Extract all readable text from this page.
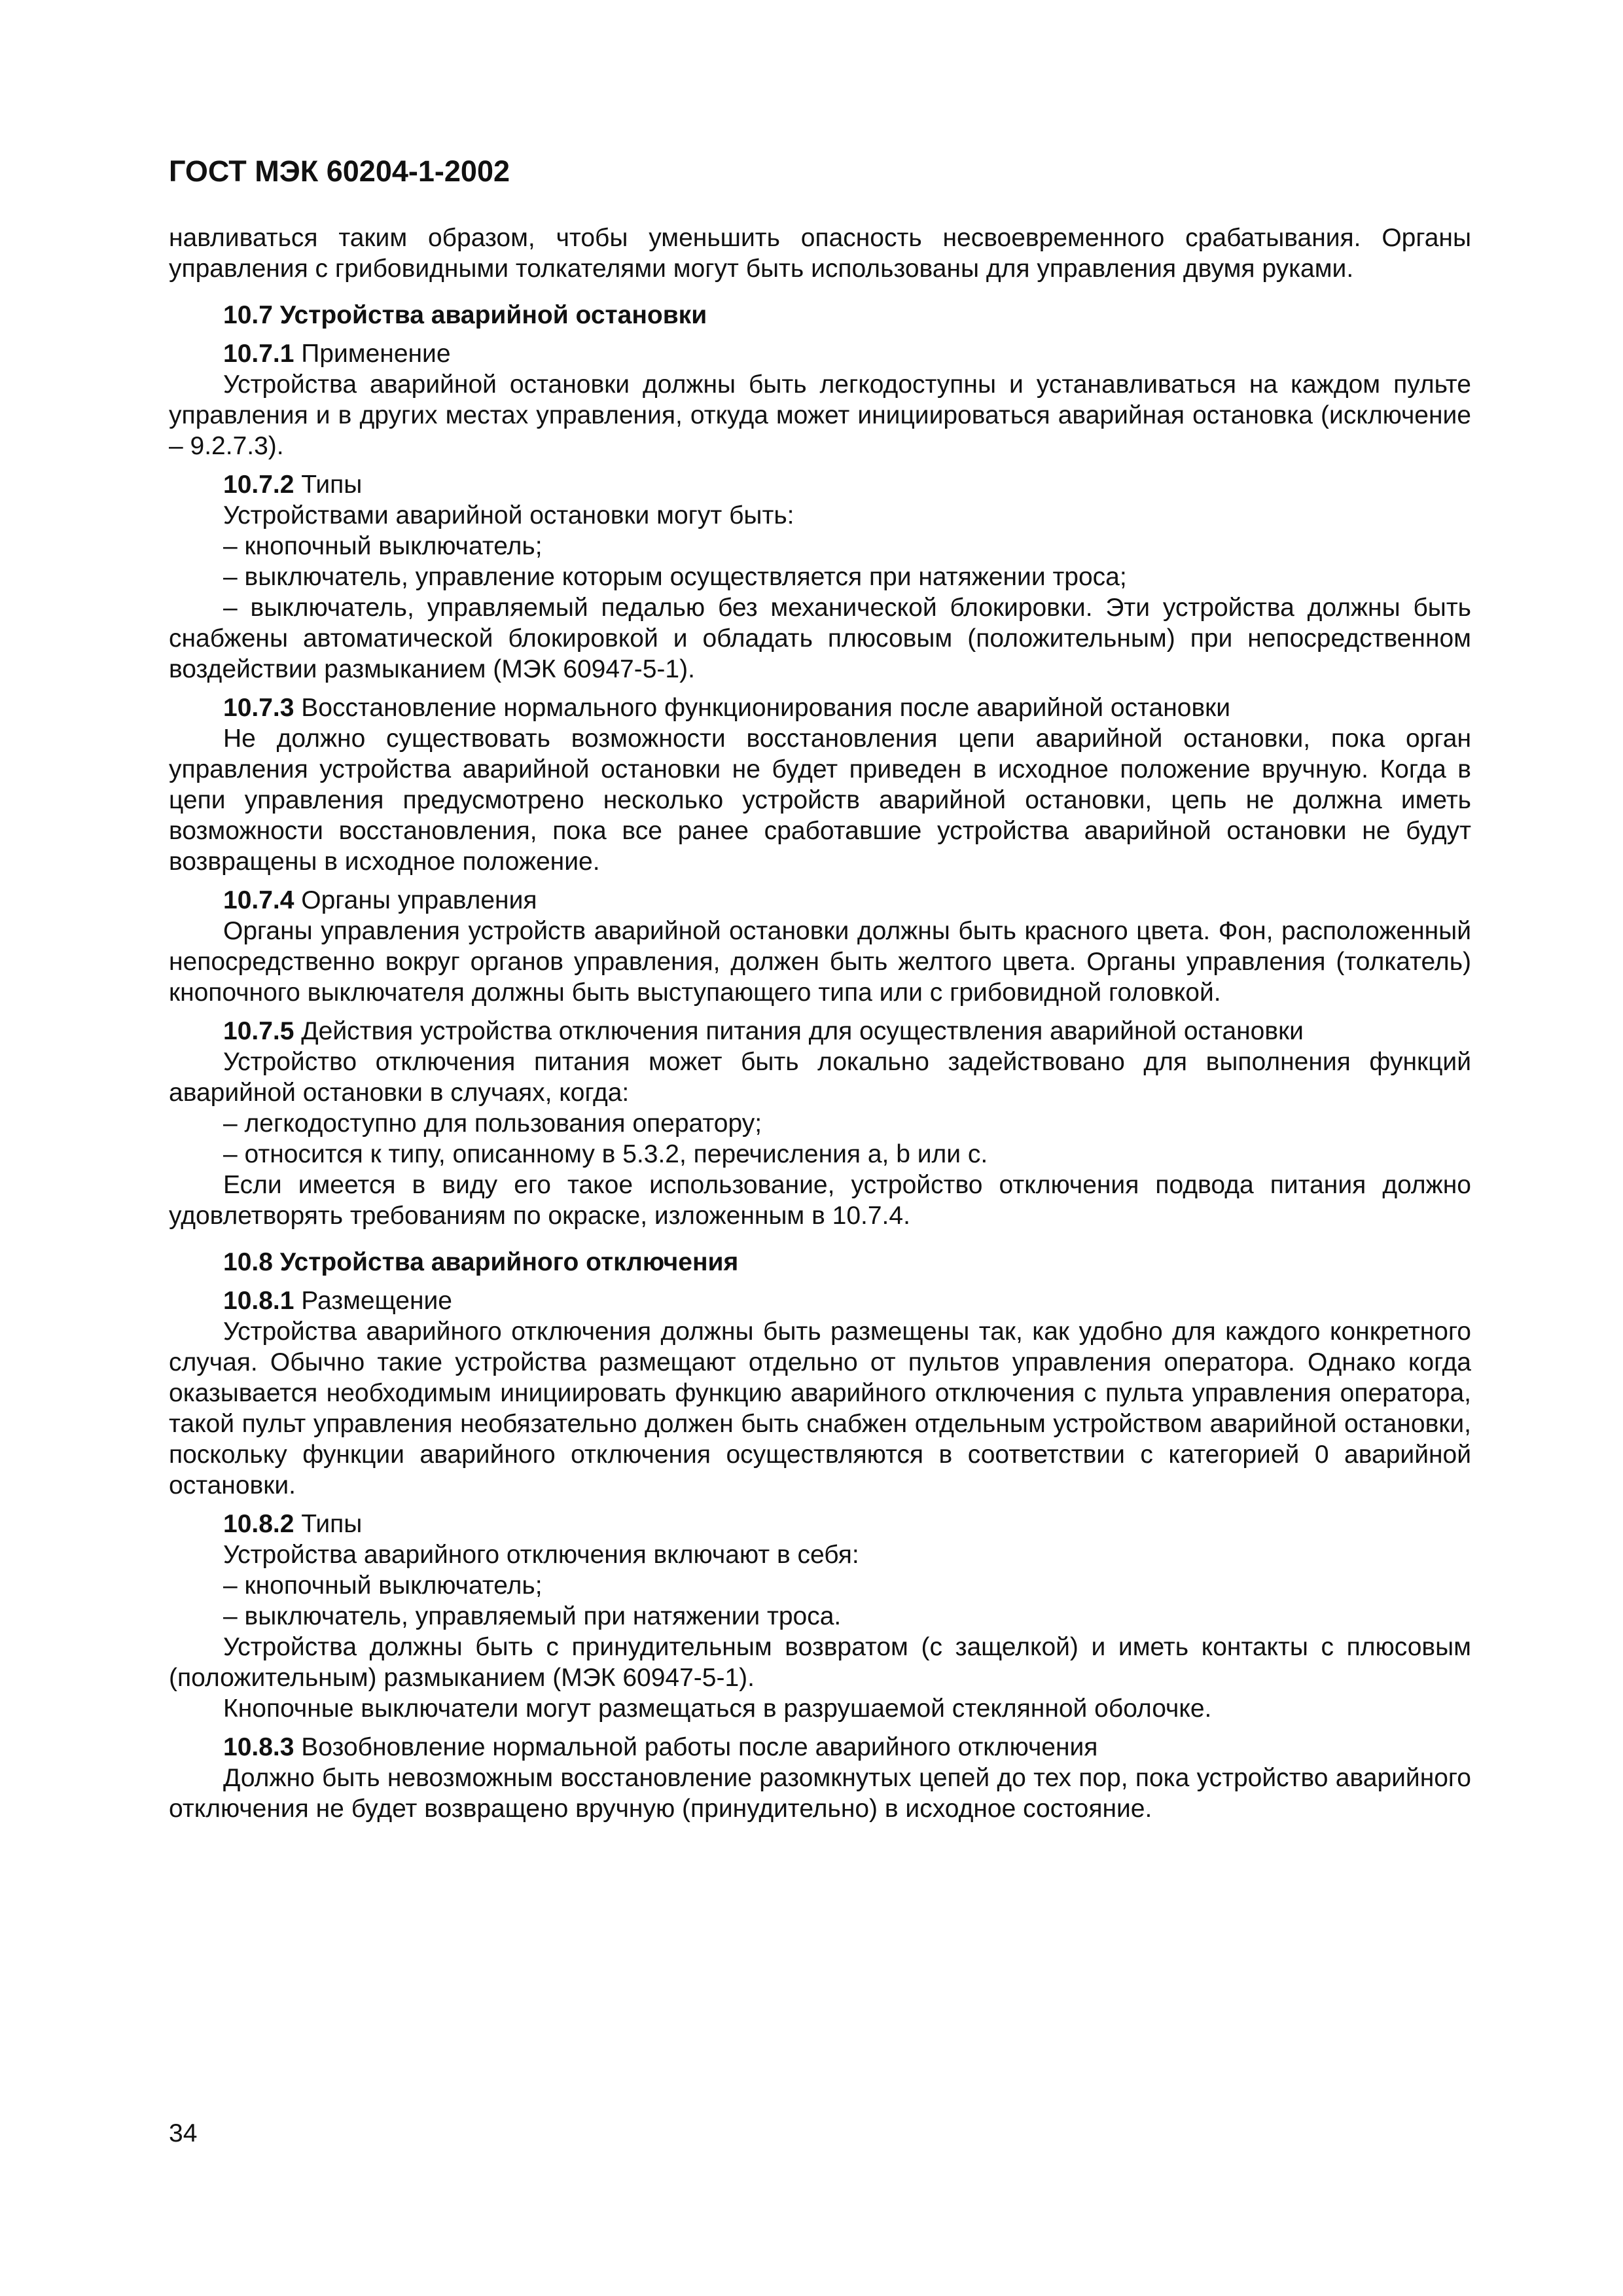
ГОСТ МЭК 60204-1-2002

навливаться таким образом, чтобы уменьшить опасность несвоевременного срабатывания. Органы управления с грибовидными толкателями могут быть использованы для управления двумя руками.

10.7 Устройства аварийной остановки

10.7.1 Применение

Устройства аварийной остановки должны быть легкодоступны и устанавливаться на каждом пульте управления и в других местах управления, откуда может инициироваться аварийная остановка (исключение – 9.2.7.3).

10.7.2 Типы

Устройствами аварийной остановки могут быть:

– кнопочный выключатель;

– выключатель, управление которым осуществляется при натяжении троса;

– выключатель, управляемый педалью без механической блокировки. Эти устройства должны быть снабжены автоматической блокировкой и обладать плюсовым (положительным) при непосредственном воздействии размыканием (МЭК 60947-5-1).

10.7.3 Восстановление нормального функционирования после аварийной остановки

Не должно существовать возможности восстановления цепи аварийной остановки, пока орган управления устройства аварийной остановки не будет приведен в исходное положение вручную. Когда в цепи управления предусмотрено несколько устройств аварийной остановки, цепь не должна иметь возможности восстановления, пока все ранее сработавшие устройства аварийной остановки не будут возвращены в исходное положение.

10.7.4 Органы управления

Органы управления устройств аварийной остановки должны быть красного цвета. Фон, расположенный непосредственно вокруг органов управления, должен быть желтого цвета. Органы управления (толкатель) кнопочного выключателя должны быть выступающего типа или с грибовидной головкой.

10.7.5 Действия устройства отключения питания для осуществления аварийной остановки

Устройство отключения питания может быть локально задействовано для выполнения функций аварийной остановки в случаях, когда:

– легкодоступно для пользования оператору;

– относится к типу, описанному в 5.3.2, перечисления a, b или c.

Если имеется в виду его такое использование, устройство отключения подвода питания должно удовлетворять требованиям по окраске, изложенным в 10.7.4.

10.8 Устройства аварийного отключения

10.8.1 Размещение

Устройства аварийного отключения должны быть размещены так, как удобно для каждого конкретного случая. Обычно такие устройства размещают отдельно от пультов управления оператора. Однако когда оказывается необходимым инициировать функцию аварийного отключения с пульта управления оператора, такой пульт управления необязательно должен быть снабжен отдельным устройством аварийной остановки, поскольку функции аварийного отключения осуществляются в соответствии с категорией 0 аварийной остановки.

10.8.2 Типы

Устройства аварийного отключения включают в себя:

– кнопочный выключатель;

– выключатель, управляемый при натяжении троса.

Устройства должны быть с принудительным возвратом (с защелкой) и иметь контакты с плюсовым (положительным) размыканием (МЭК 60947-5-1).

Кнопочные выключатели могут размещаться в разрушаемой стеклянной оболочке.

10.8.3 Возобновление нормальной работы после аварийного отключения

Должно быть невозможным восстановление разомкнутых цепей до тех пор, пока устройство аварийного отключения не будет возвращено вручную (принудительно) в исходное состояние.

34
